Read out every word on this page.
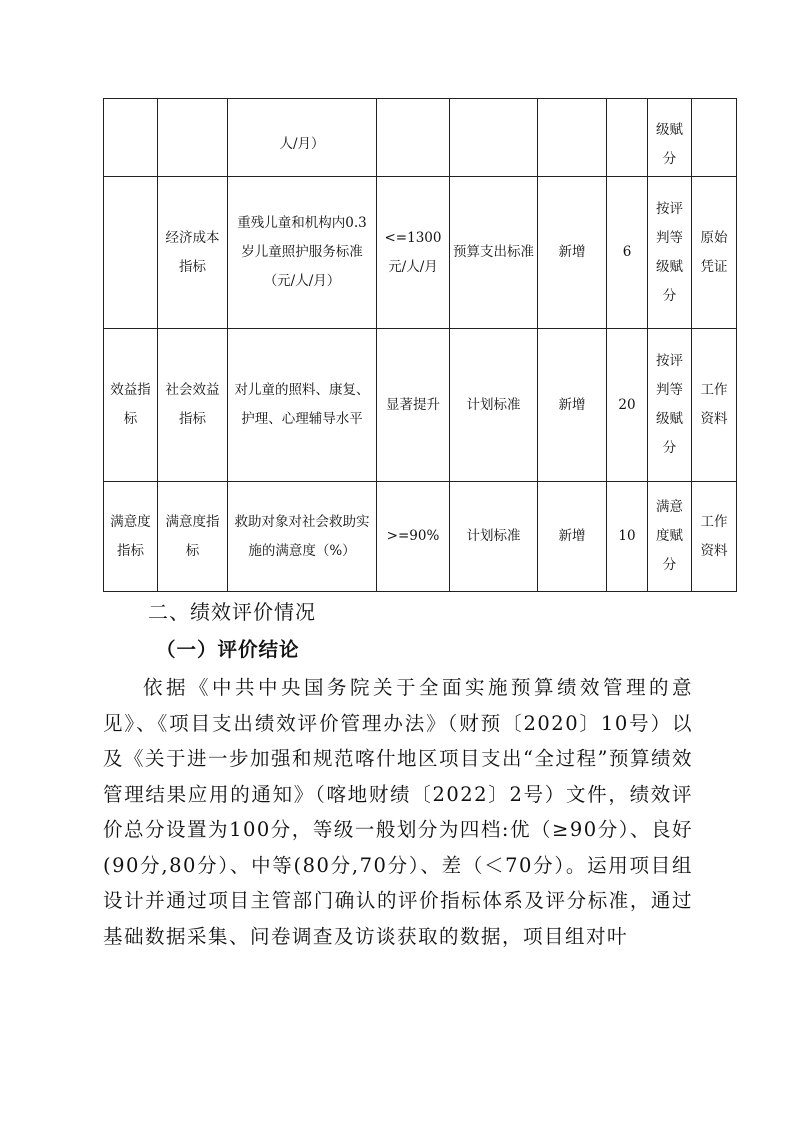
		人/月）					级赋分	
	经济成本指标	重残儿童和机构内0.3岁儿童照护服务标准（元/人/月）	<=1300元/人/月	预算支出标准	新增	6	按评判等级赋分	原始凭证
效益指标	社会效益指标	对儿童的照料、康复、护理、心理辅导水平	显著提升	计划标准	新增	20	按评判等级赋分	工作资料
满意度指标	满意度指标	救助对象对社会救助实施的满意度（%）	>=90%	计划标准	新增	10	满意度赋分	工作资料
二、绩效评价情况
（一）评价结论

依据《中共中央国务院关于全面实施预算绩效管理的意见》、《项目支出绩效评价管理办法》（财预〔2020〕10号）以及《关于进一步加强和规范喀什地区项目支出“全过程”预算绩效管理结果应用的通知》（喀地财绩〔2022〕2号）文件，绩效评价总分设置为100分，等级一般划分为四档:优（≥90分）、良好(90分,80分）、中等(80分,70分）、差（＜70分）。运用项目组设计并通过项目主管部门确认的评价指标体系及评分标准，通过基础数据采集、问卷调查及访谈获取的数据，项目组对叶
